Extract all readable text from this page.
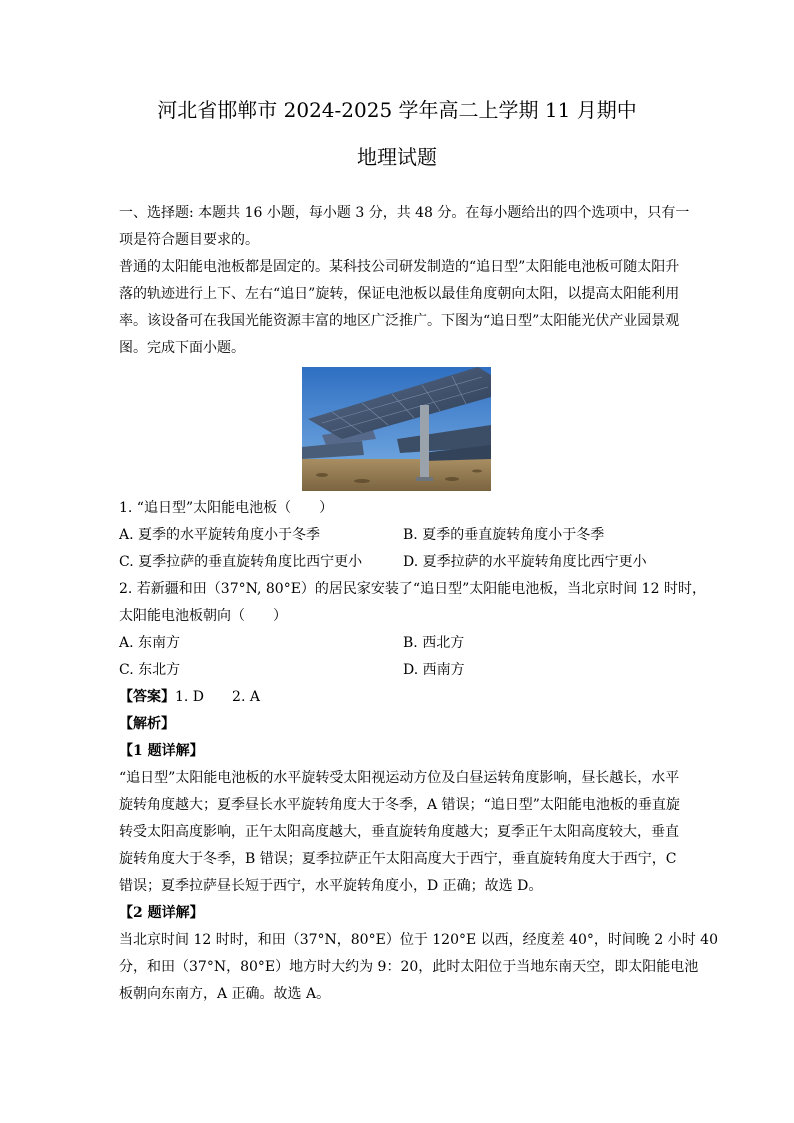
河北省邯郸市 2024-2025 学年高二上学期 11 月期中
地理试题
一、选择题: 本题共 16 小题，每小题 3 分，共 48 分。在每小题给出的四个选项中，只有一
项是符合题目要求的。
普通的太阳能电池板都是固定的。某科技公司研发制造的“追日型”太阳能电池板可随太阳升
落的轨迹进行上下、左右“追日”旋转，保证电池板以最佳角度朝向太阳，以提高太阳能利用
率。该设备可在我国光能资源丰富的地区广泛推广。下图为“追日型”太阳能光伏产业园景观
图。完成下面小题。
1. “追日型”太阳能电池板（　　）
A. 夏季的水平旋转角度小于冬季	B. 夏季的垂直旋转角度小于冬季
C. 夏季拉萨的垂直旋转角度比西宁更小	D. 夏季拉萨的水平旋转角度比西宁更小
2. 若新疆和田（37°N, 80°E）的居民家安装了“追日型”太阳能电池板，当北京时间 12 时时，
太阳能电池板朝向（　　）
A. 东南方	B. 西北方
C. 东北方	D. 西南方
【答案】1. D　　2. A
【解析】
【1 题详解】
“追日型”太阳能电池板的水平旋转受太阳视运动方位及白昼运转角度影响，昼长越长，水平
旋转角度越大；夏季昼长水平旋转角度大于冬季，A 错误；“追日型”太阳能电池板的垂直旋
转受太阳高度影响，正午太阳高度越大，垂直旋转角度越大；夏季正午太阳高度较大，垂直
旋转角度大于冬季，B 错误；夏季拉萨正午太阳高度大于西宁，垂直旋转角度大于西宁，C
错误；夏季拉萨昼长短于西宁，水平旋转角度小，D 正确；故选 D。
【2 题详解】
当北京时间 12 时时，和田（37°N，80°E）位于 120°E 以西，经度差 40°，时间晚 2 小时 40
分，和田（37°N，80°E）地方时大约为 9：20，此时太阳位于当地东南天空，即太阳能电池
板朝向东南方，A 正确。故选 A。
